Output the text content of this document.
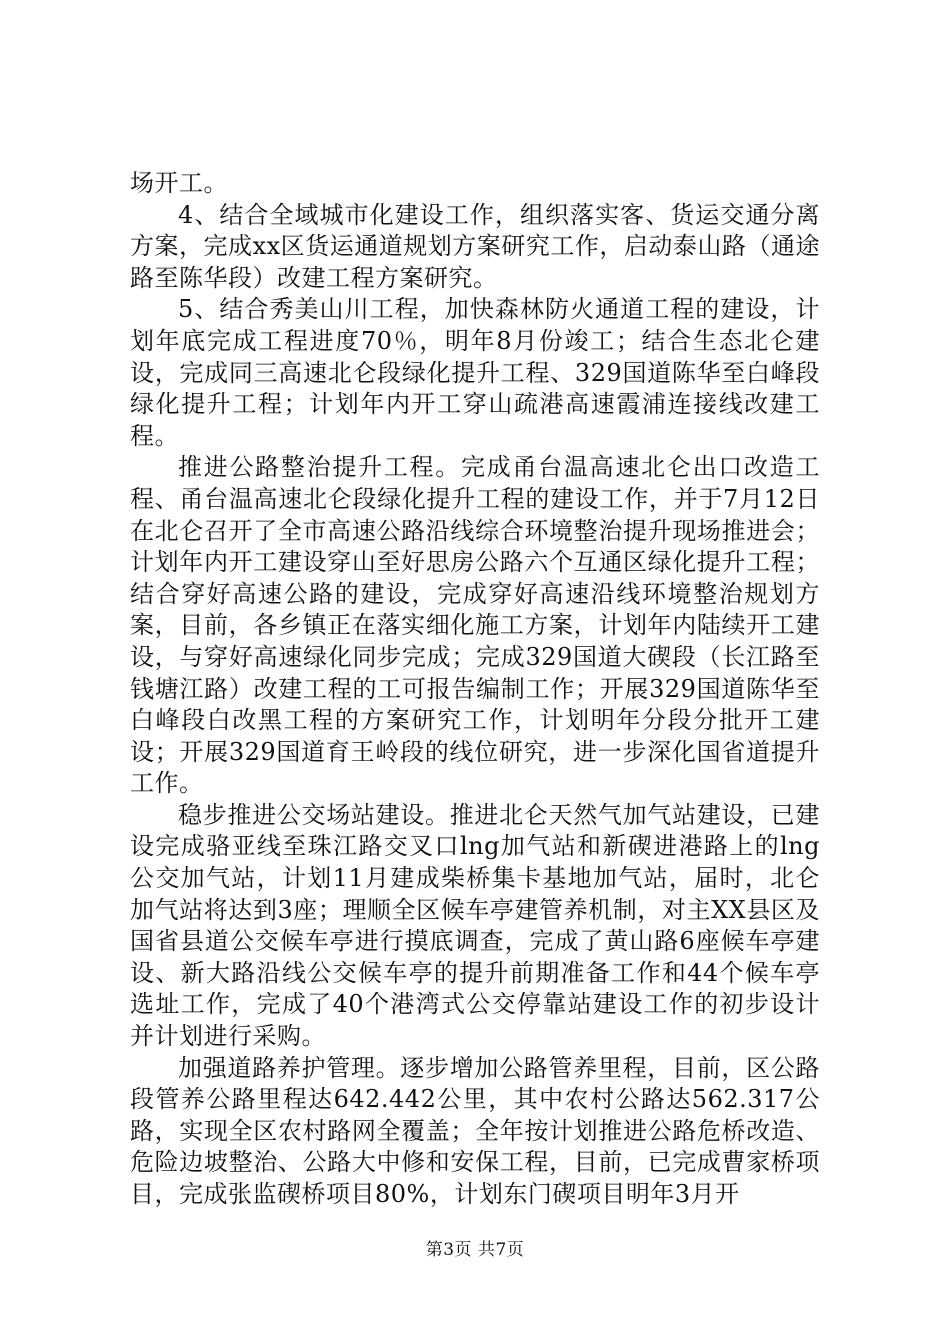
场开工。

4、结合全域城市化建设工作，组织落实客、货运交通分离方案，完成xx区货运通道规划方案研究工作，启动泰山路（通途路至陈华段）改建工程方案研究。

5、结合秀美山川工程，加快森林防火通道工程的建设，计划年底完成工程进度70％，明年8月份竣工；结合生态北仑建设，完成同三高速北仑段绿化提升工程、329国道陈华至白峰段绿化提升工程；计划年内开工穿山疏港高速霞浦连接线改建工程。

推进公路整治提升工程。完成甬台温高速北仑出口改造工程、甬台温高速北仑段绿化提升工程的建设工作，并于7月12日在北仑召开了全市高速公路沿线综合环境整治提升现场推进会；计划年内开工建设穿山至好思房公路六个互通区绿化提升工程；结合穿好高速公路的建设，完成穿好高速沿线环境整治规划方案，目前，各乡镇正在落实细化施工方案，计划年内陆续开工建设，与穿好高速绿化同步完成；完成329国道大碶段（长江路至钱塘江路）改建工程的工可报告编制工作；开展329国道陈华至白峰段白改黑工程的方案研究工作，计划明年分段分批开工建设；开展329国道育王岭段的线位研究，进一步深化国省道提升工作。

稳步推进公交场站建设。推进北仑天然气加气站建设，已建设完成骆亚线至珠江路交叉口lng加气站和新碶进港路上的lng公交加气站，计划11月建成柴桥集卡基地加气站，届时，北仑加气站将达到3座；理顺全区候车亭建管养机制，对主XX县区及国省县道公交候车亭进行摸底调查，完成了黄山路6座候车亭建设、新大路沿线公交候车亭的提升前期准备工作和44个候车亭选址工作，完成了40个港湾式公交停靠站建设工作的初步设计并计划进行采购。

加强道路养护管理。逐步增加公路管养里程，目前，区公路段管养公路里程达642.442公里，其中农村公路达562.317公路，实现全区农村路网全覆盖；全年按计划推进公路危桥改造、危险边坡整治、公路大中修和安保工程，目前，已完成曹家桥项目，完成张监碶桥项目80%，计划东门碶项目明年3月开

第3页 共7页
